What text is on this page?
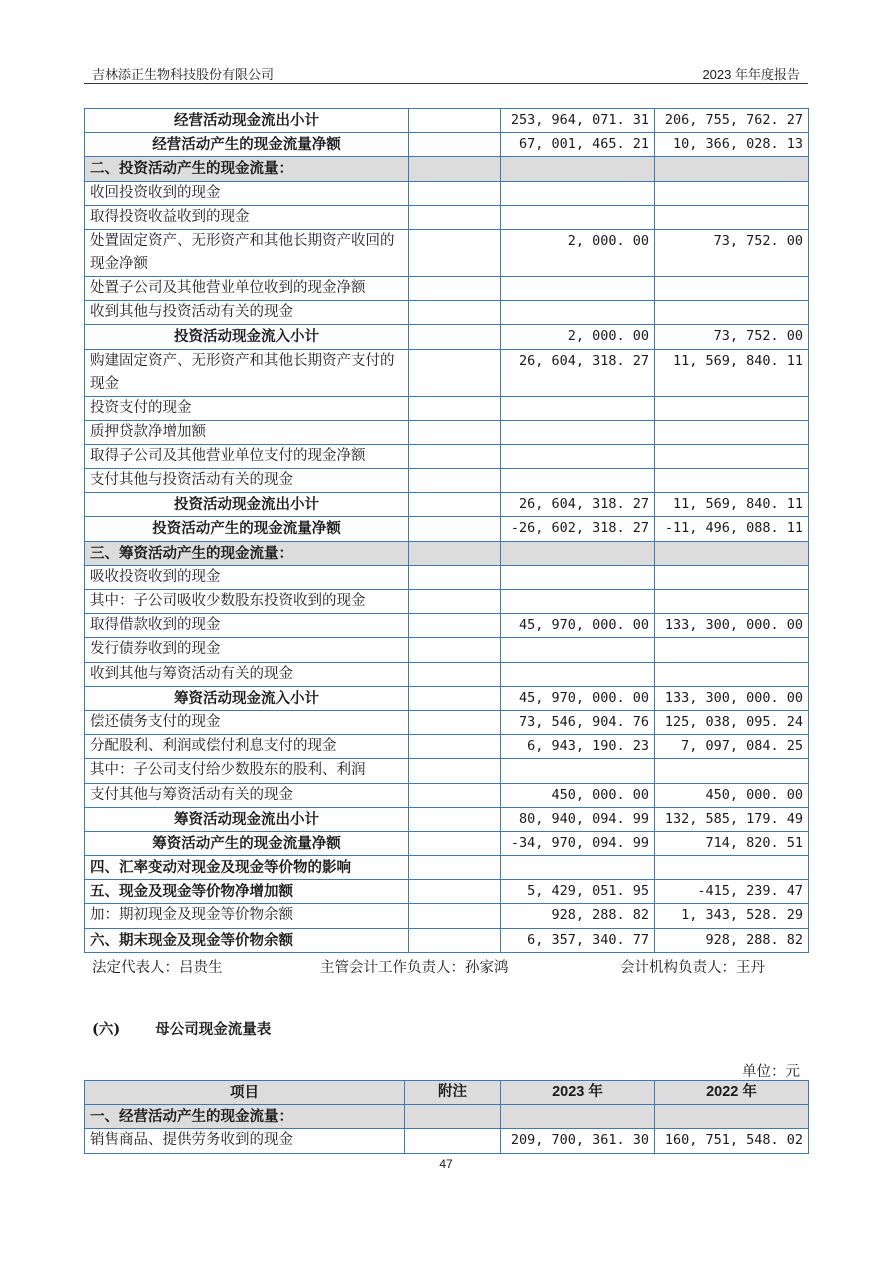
吉林添正生物科技股份有限公司	2023 年年度报告
经营活动现金流出小计		253, 964, 071. 31	206, 755, 762. 27
经营活动产生的现金流量净额		67, 001, 465. 21	10, 366, 028. 13
二、投资活动产生的现金流量：			
收回投资收到的现金			
取得投资收益收到的现金			
处置固定资产、无形资产和其他长期资产收回的现金净额		2, 000. 00	73, 752. 00
处置子公司及其他营业单位收到的现金净额			
收到其他与投资活动有关的现金			
投资活动现金流入小计		2, 000. 00	73, 752. 00
购建固定资产、无形资产和其他长期资产支付的现金		26, 604, 318. 27	11, 569, 840. 11
投资支付的现金			
质押贷款净增加额			
取得子公司及其他营业单位支付的现金净额			
支付其他与投资活动有关的现金			
投资活动现金流出小计		26, 604, 318. 27	11, 569, 840. 11
投资活动产生的现金流量净额		-26, 602, 318. 27	-11, 496, 088. 11
三、筹资活动产生的现金流量：			
吸收投资收到的现金			
其中：子公司吸收少数股东投资收到的现金			
取得借款收到的现金		45, 970, 000. 00	133, 300, 000. 00
发行债券收到的现金			
收到其他与筹资活动有关的现金			
筹资活动现金流入小计		45, 970, 000. 00	133, 300, 000. 00
偿还债务支付的现金		73, 546, 904. 76	125, 038, 095. 24
分配股利、利润或偿付利息支付的现金		6, 943, 190. 23	7, 097, 084. 25
其中：子公司支付给少数股东的股利、利润			
支付其他与筹资活动有关的现金		450, 000. 00	450, 000. 00
筹资活动现金流出小计		80, 940, 094. 99	132, 585, 179. 49
筹资活动产生的现金流量净额		-34, 970, 094. 99	714, 820. 51
四、汇率变动对现金及现金等价物的影响			
五、现金及现金等价物净增加额		5, 429, 051. 95	-415, 239. 47
加：期初现金及现金等价物余额		928, 288. 82	1, 343, 528. 29
六、期末现金及现金等价物余额		6, 357, 340. 77	928, 288. 82
法定代表人：吕贵生	主管会计工作负责人：孙家鸿	会计机构负责人：王丹
(六) 母公司现金流量表
单位：元
项目	附注	2023 年	2022 年
一、经营活动产生的现金流量：			
销售商品、提供劳务收到的现金		209, 700, 361. 30	160, 751, 548. 02
47
